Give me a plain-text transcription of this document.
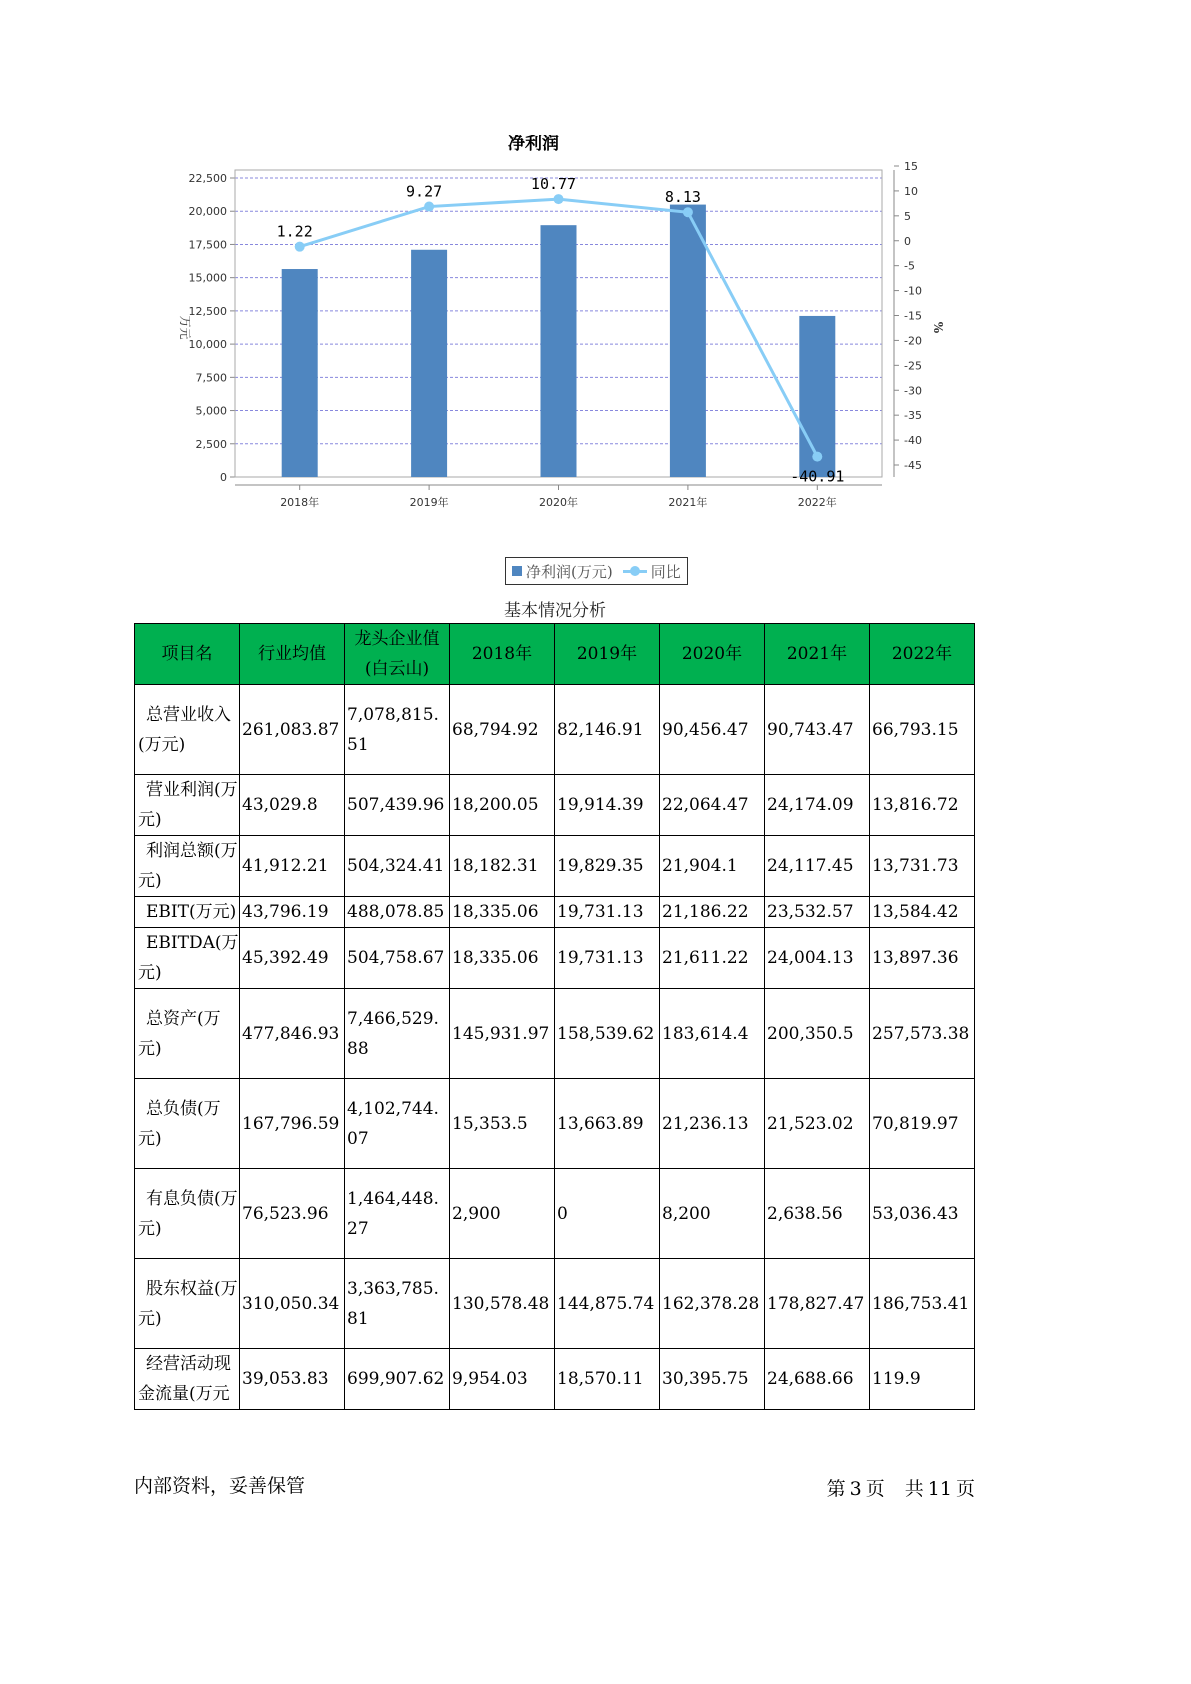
净利润
0
2,500
5,000
7,500
10,000
12,500
15,000
17,500
20,000
22,500
15
10
5
0
-5
-10
-15
-20
-25
-30
-35
-40
-45
万元	%
2018年	2019年	2020年	2021年	2022年
1.22
9.27	10.77
8.13
-40.91
净利润(万元)	同比
基本情况分析
项目名	行业均值	龙头企业值(白云山)	2018年	2019年	2020年	2021年	2022年
总营业收入(万元)	261,083.87	7,078,815.51	68,794.92	82,146.91	90,456.47	90,743.47	66,793.15
营业利润(万元)	43,029.8	507,439.96	18,200.05	19,914.39	22,064.47	24,174.09	13,816.72
利润总额(万元)	41,912.21	504,324.41	18,182.31	19,829.35	21,904.1	24,117.45	13,731.73
EBIT(万元)	43,796.19	488,078.85	18,335.06	19,731.13	21,186.22	23,532.57	13,584.42
EBITDA(万元)	45,392.49	504,758.67	18,335.06	19,731.13	21,611.22	24,004.13	13,897.36
总资产(万元)	477,846.93	7,466,529.88	145,931.97	158,539.62	183,614.4	200,350.5	257,573.38
总负债(万元)	167,796.59	4,102,744.07	15,353.5	13,663.89	21,236.13	21,523.02	70,819.97
有息负债(万元)	76,523.96	1,464,448.27	2,900	0	8,200	2,638.56	53,036.43
股东权益(万元)	310,050.34	3,363,785.81	130,578.48	144,875.74	162,378.28	178,827.47	186,753.41
经营活动现金流量(万元	39,053.83	699,907.62	9,954.03	18,570.11	30,395.75	24,688.66	119.9
内部资料，妥善保管	第 3 页 共 11 页
